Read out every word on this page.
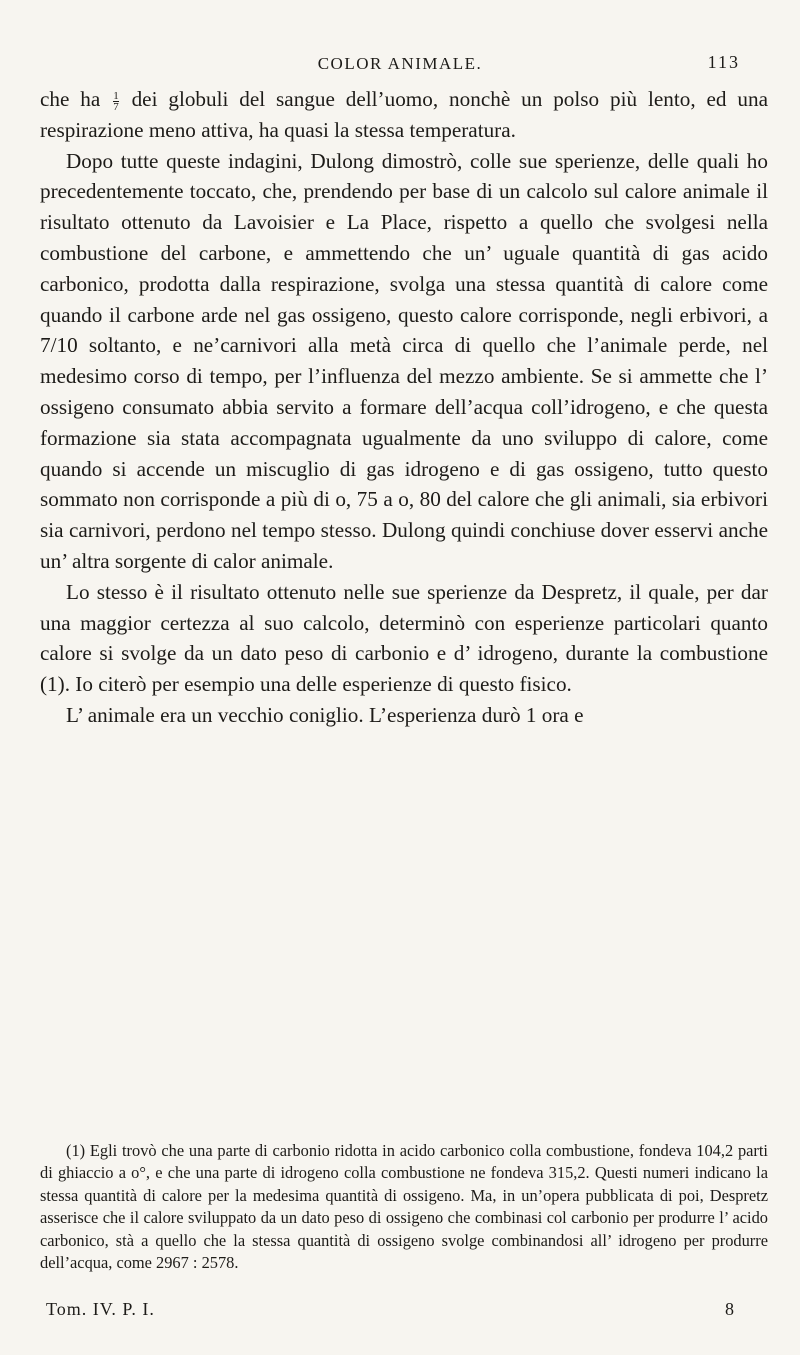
COLOR ANIMALE.	113

che ha $\frac{1}{7}$ dei globuli del sangue dell’uomo, nonchè un polso più lento, ed una respirazione meno attiva, ha quasi la stessa temperatura.

Dopo tutte queste indagini, Dulong dimostrò, colle sue sperienze, delle quali ho precedentemente toccato, che, prendendo per base di un calcolo sul calore animale il risultato ottenuto da Lavoisier e La Place, rispetto a quello che svolgesi nella combustione del carbone, e ammettendo che un’ uguale quantità di gas acido carbonico, prodotta dalla respirazione, svolga una stessa quantità di calore come quando il carbone arde nel gas ossigeno, questo calore corrisponde, negli erbivori, a 7/10 soltanto, e ne’carnivori alla metà circa di quello che l’animale perde, nel medesimo corso di tempo, per l’influenza del mezzo ambiente. Se si ammette che l’ ossigeno consumato abbia servito a formare dell’acqua coll’idrogeno, e che questa formazione sia stata accompagnata ugualmente da uno sviluppo di calore, come quando si accende un miscuglio di gas idrogeno e di gas ossigeno, tutto questo sommato non corrisponde a più di o, 75 a o, 80 del calore che gli animali, sia erbivori sia carnivori, perdono nel tempo stesso. Dulong quindi conchiuse dover esservi anche un’ altra sorgente di calor animale.

Lo stesso è il risultato ottenuto nelle sue sperienze da Despretz, il quale, per dar una maggior certezza al suo calcolo, determinò con esperienze particolari quanto calore si svolge da un dato peso di carbonio e d’ idrogeno, durante la combustione (1). Io citerò per esempio una delle esperienze di questo fisico.

L’ animale era un vecchio coniglio. L’esperienza durò 1 ora e

(1) Egli trovò che una parte di carbonio ridotta in acido carbonico colla combustione, fondeva 104,2 parti di ghiaccio a o°, e che una parte di idrogeno colla combustione ne fondeva 315,2. Questi numeri indicano la stessa quantità di calore per la medesima quantità di ossigeno. Ma, in un’opera pubblicata di poi, Despretz asserisce che il calore sviluppato da un dato peso di ossigeno che combinasi col carbonio per produrre l’ acido carbonico, stà a quello che la stessa quantità di ossigeno svolge combinandosi all’ idrogeno per produrre dell’acqua, come 2967 : 2578.

Tom. IV. P. I.	8
